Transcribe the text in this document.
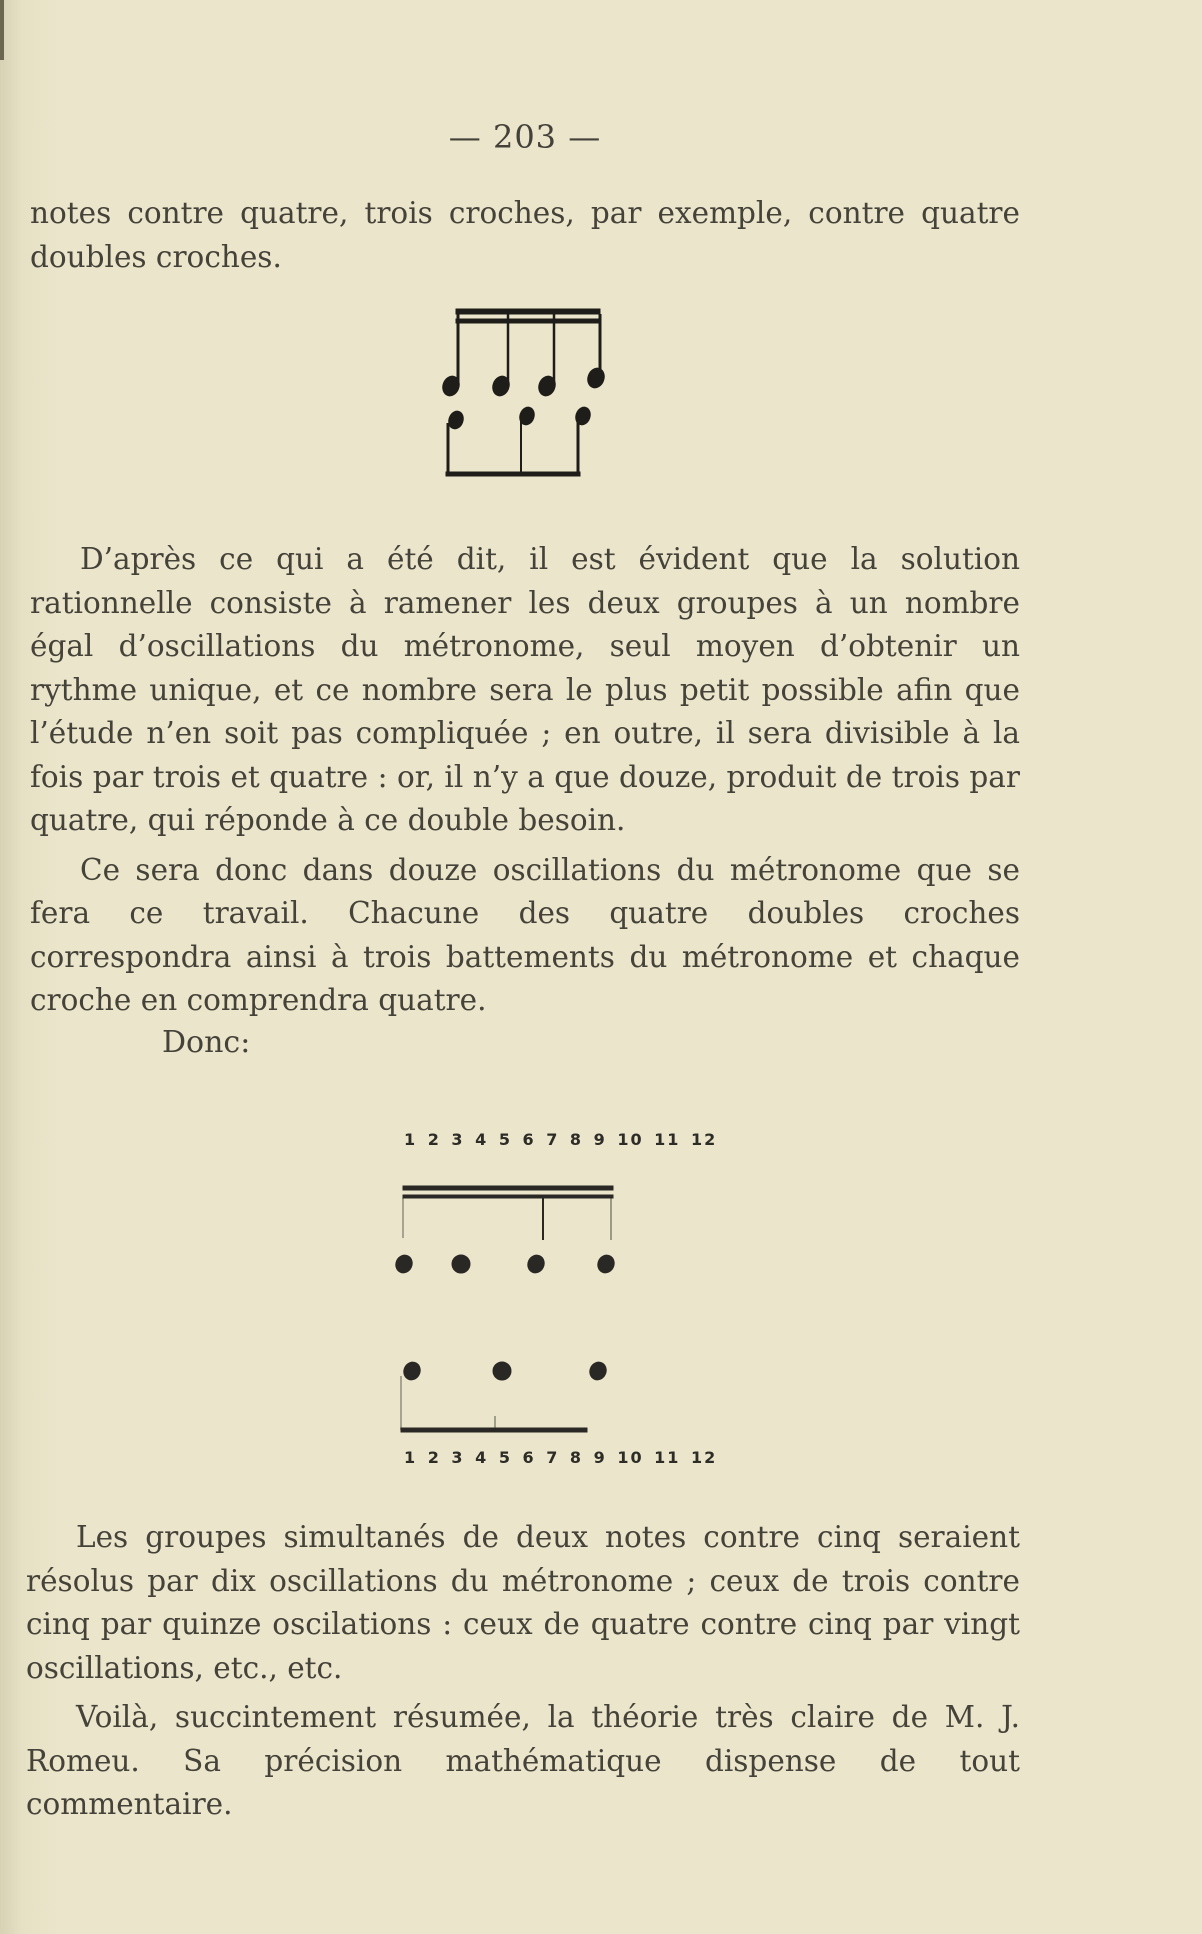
— 203 —

notes contre quatre, trois croches, par exemple, contre quatre doubles croches.

D’après ce qui a été dit, il est évident que la solution rationnelle consiste à ramener les deux groupes à un nombre égal d’oscillations du métronome, seul moyen d’obtenir un rythme unique, et ce nombre sera le plus petit possible afin que l’étude n’en soit pas compliquée ; en outre, il sera divisible à la fois par trois et quatre : or, il n’y a que douze, produit de trois par quatre, qui réponde à ce double besoin.

Ce sera donc dans douze oscillations du métronome que se fera ce travail. Chacune des quatre doubles croches correspondra ainsi à trois battements du métronome et chaque croche en comprendra quatre.

Donc:
1 2 3 4 5 6 7 8 9 10 11 12
1 2 3 4 5 6 7 8 9 10 11 12

Les groupes simultanés de deux notes contre cinq seraient résolus par dix oscillations du métronome ; ceux de trois contre cinq par quinze oscilations : ceux de quatre contre cinq par vingt oscillations, etc., etc.

Voilà, succintement résumée, la théorie très claire de M. J. Romeu. Sa précision mathématique dispense de tout commentaire.
